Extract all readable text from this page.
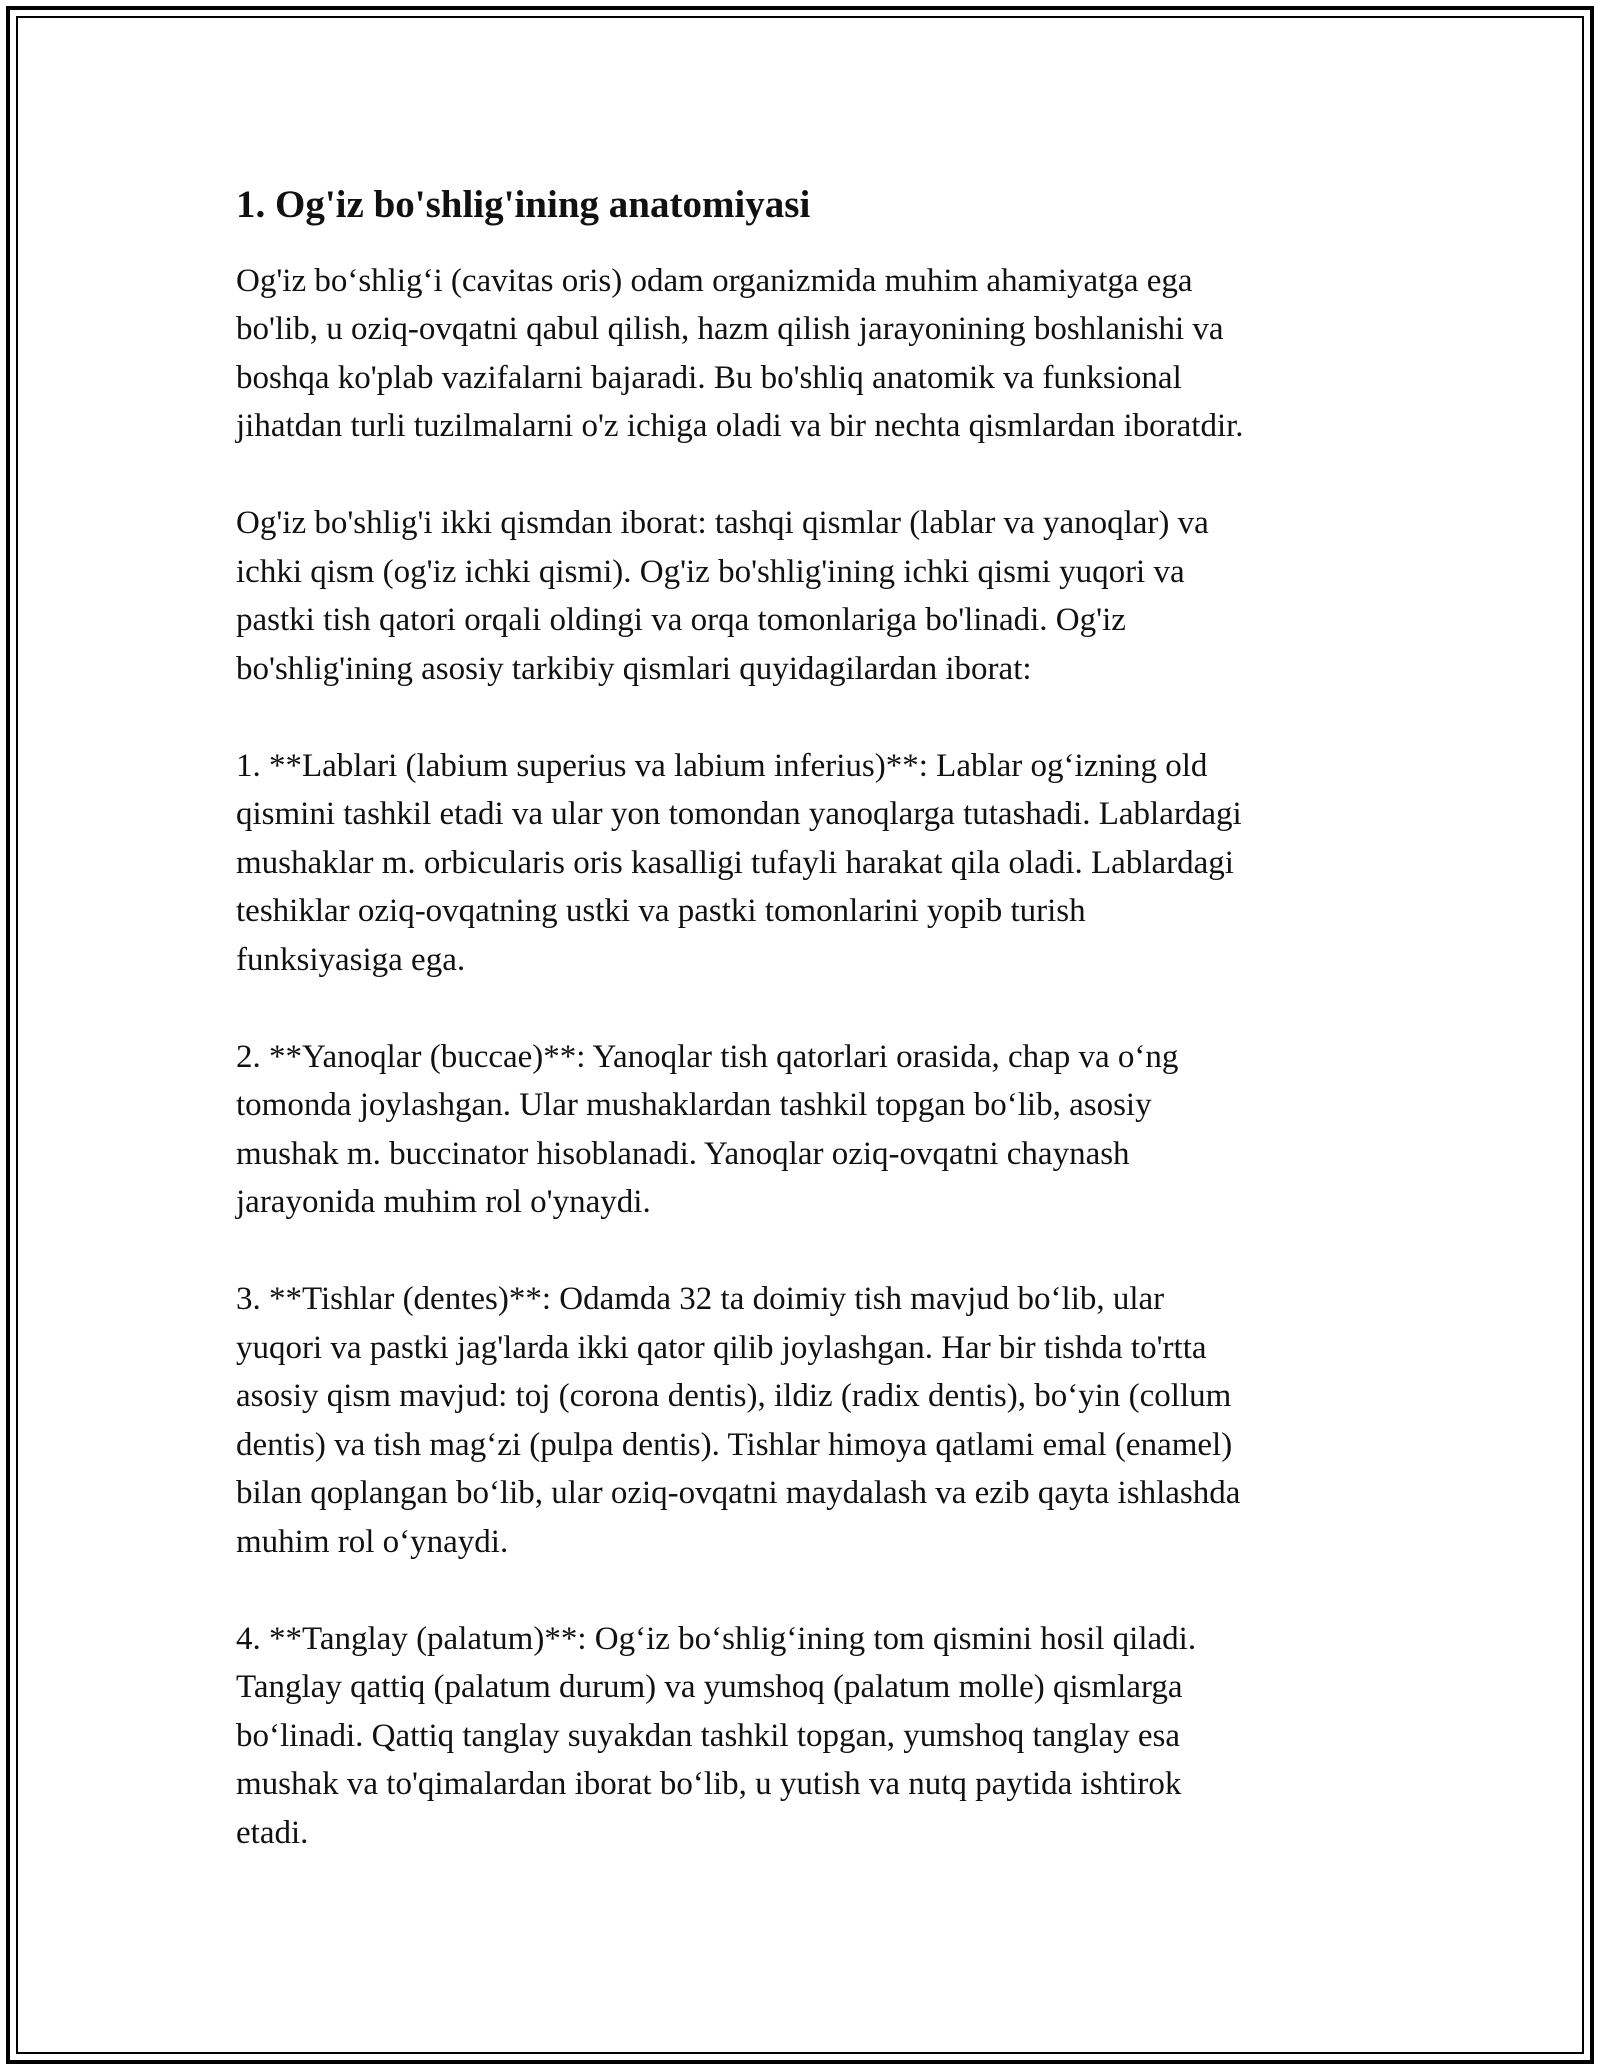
1. Og'iz bo'shlig'ining anatomiyasi

Og'iz bo‘shlig‘i (cavitas oris) odam organizmida muhim ahamiyatga ega
bo'lib, u oziq-ovqatni qabul qilish, hazm qilish jarayonining boshlanishi va
boshqa ko'plab vazifalarni bajaradi. Bu bo'shliq anatomik va funksional
jihatdan turli tuzilmalarni o'z ichiga oladi va bir nechta qismlardan iboratdir.

Og'iz bo'shlig'i ikki qismdan iborat: tashqi qismlar (lablar va yanoqlar) va
ichki qism (og'iz ichki qismi). Og'iz bo'shlig'ining ichki qismi yuqori va
pastki tish qatori orqali oldingi va orqa tomonlariga bo'linadi. Og'iz
bo'shlig'ining asosiy tarkibiy qismlari quyidagilardan iborat:

1. **Lablari (labium superius va labium inferius)**: Lablar og‘izning old
qismini tashkil etadi va ular yon tomondan yanoqlarga tutashadi. Lablardagi
mushaklar m. orbicularis oris kasalligi tufayli harakat qila oladi. Lablardagi
teshiklar oziq-ovqatning ustki va pastki tomonlarini yopib turish
funksiyasiga ega.

2. **Yanoqlar (buccae)**: Yanoqlar tish qatorlari orasida, chap va o‘ng
tomonda joylashgan. Ular mushaklardan tashkil topgan bo‘lib, asosiy
mushak m. buccinator hisoblanadi. Yanoqlar oziq-ovqatni chaynash
jarayonida muhim rol o'ynaydi.

3. **Tishlar (dentes)**: Odamda 32 ta doimiy tish mavjud bo‘lib, ular
yuqori va pastki jag'larda ikki qator qilib joylashgan. Har bir tishda to'rtta
asosiy qism mavjud: toj (corona dentis), ildiz (radix dentis), bo‘yin (collum
dentis) va tish mag‘zi (pulpa dentis). Tishlar himoya qatlami emal (enamel)
bilan qoplangan bo‘lib, ular oziq-ovqatni maydalash va ezib qayta ishlashda
muhim rol o‘ynaydi.

4. **Tanglay (palatum)**: Og‘iz bo‘shlig‘ining tom qismini hosil qiladi.
Tanglay qattiq (palatum durum) va yumshoq (palatum molle) qismlarga
bo‘linadi. Qattiq tanglay suyakdan tashkil topgan, yumshoq tanglay esa
mushak va to'qimalardan iborat bo‘lib, u yutish va nutq paytida ishtirok
etadi.
